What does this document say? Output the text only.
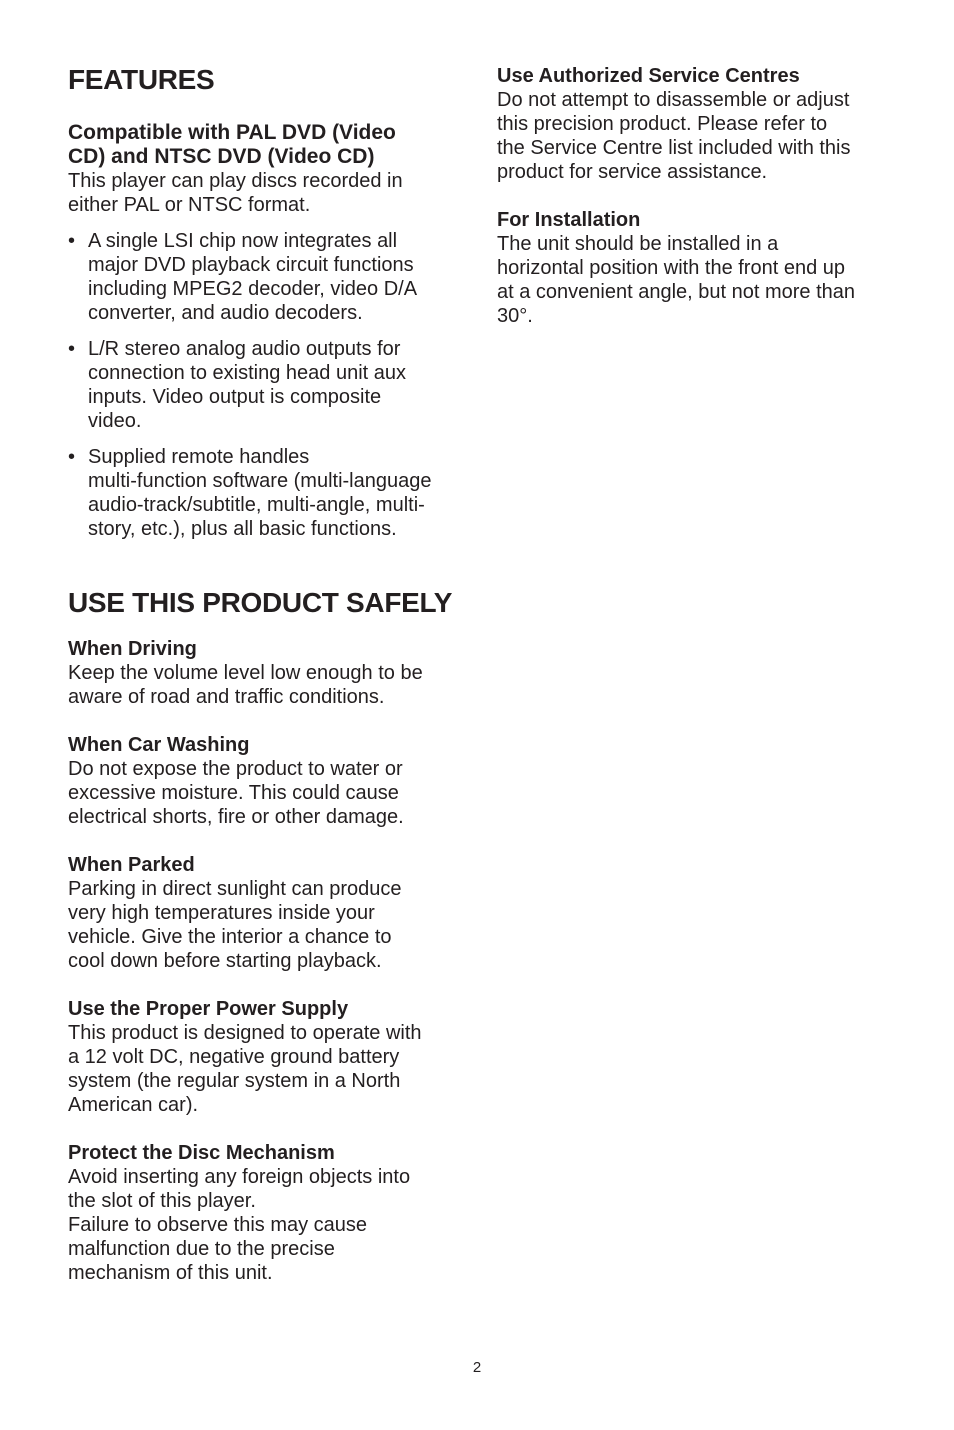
FEATURES
Compatible with PAL DVD (Video
CD) and NTSC DVD (Video CD)

This player can play discs recorded in
either PAL or NTSC format.

• A single LSI chip now integrates all
major DVD playback circuit functions
including MPEG2 decoder, video D/A
converter, and audio decoders.
• L/R stereo analog audio outputs for
connection to existing head unit aux
inputs. Video output is composite
video.
• Supplied remote handles
multi-function software (multi-language
audio-track/subtitle, multi-angle, multi-
story, etc.), plus all basic functions.
USE THIS PRODUCT SAFELY
When Driving

Keep the volume level low enough to be
aware of road and traffic conditions.

When Car Washing

Do not expose the product to water or
excessive moisture. This could cause
electrical shorts, fire or other damage.

When Parked

Parking in direct sunlight can produce
very high temperatures inside your
vehicle. Give the interior a chance to
cool down before starting playback.

Use the Proper Power Supply

This product is designed to operate with
a 12 volt DC, negative ground battery
system (the regular system in a North
American car).

Protect the Disc Mechanism

Avoid inserting any foreign objects into
the slot of this player.
Failure to observe this may cause
malfunction due to the precise
mechanism of this unit.

Use Authorized Service Centres

Do not attempt to disassemble or adjust
this precision product. Please refer to
the Service Centre list included with this
product for service assistance.

For Installation

The unit should be installed in a
horizontal position with the front end up
at a convenient angle, but not more than
30°.

2
